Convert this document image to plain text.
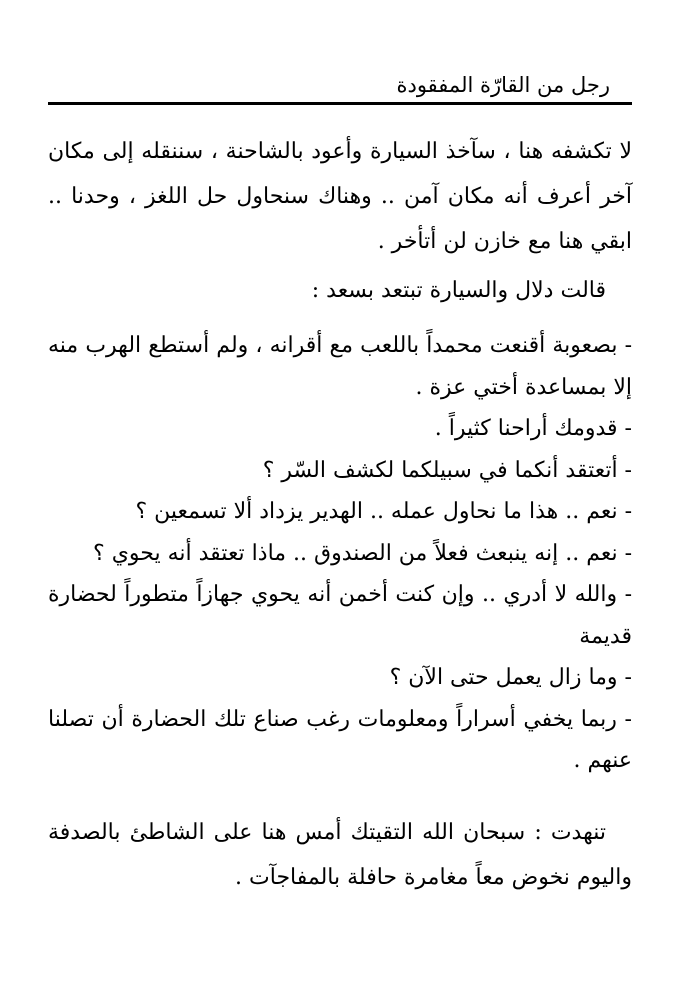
رجل من القارّة المفقودة

لا تكشفه هنا ، سآخذ السيارة وأعود بالشاحنة ، سننقله إلى مكان آخر أعرف أنه مكان آمن .. وهناك سنحاول حل اللغز ، وحدنا .. ابقي هنا مع خازن لن أتأخر .

قالت دلال والسيارة تبتعد بسعد :

- بصعوبة أقنعت محمداً باللعب مع أقرانه ، ولم أستطع الهرب منه إلا بمساعدة أختي عزة .

- قدومك أراحنا كثيراً .

- أتعتقد أنكما في سبيلكما لكشف السّر ؟

- نعم .. هذا ما نحاول عمله .. الهدير يزداد ألا تسمعين ؟

- نعم .. إنه ينبعث فعلاً من الصندوق .. ماذا تعتقد أنه يحوي ؟

- والله لا أدري .. وإن كنت أخمن أنه يحوي جهازاً متطوراً لحضارة قديمة

- وما زال يعمل حتى الآن ؟

- ربما يخفي أسراراً ومعلومات رغب صناع تلك الحضارة أن تصلنا عنهم .

تنهدت : سبحان الله التقيتك أمس هنا على الشاطئ بالصدفة واليوم نخوض معاً مغامرة حافلة بالمفاجآت .
